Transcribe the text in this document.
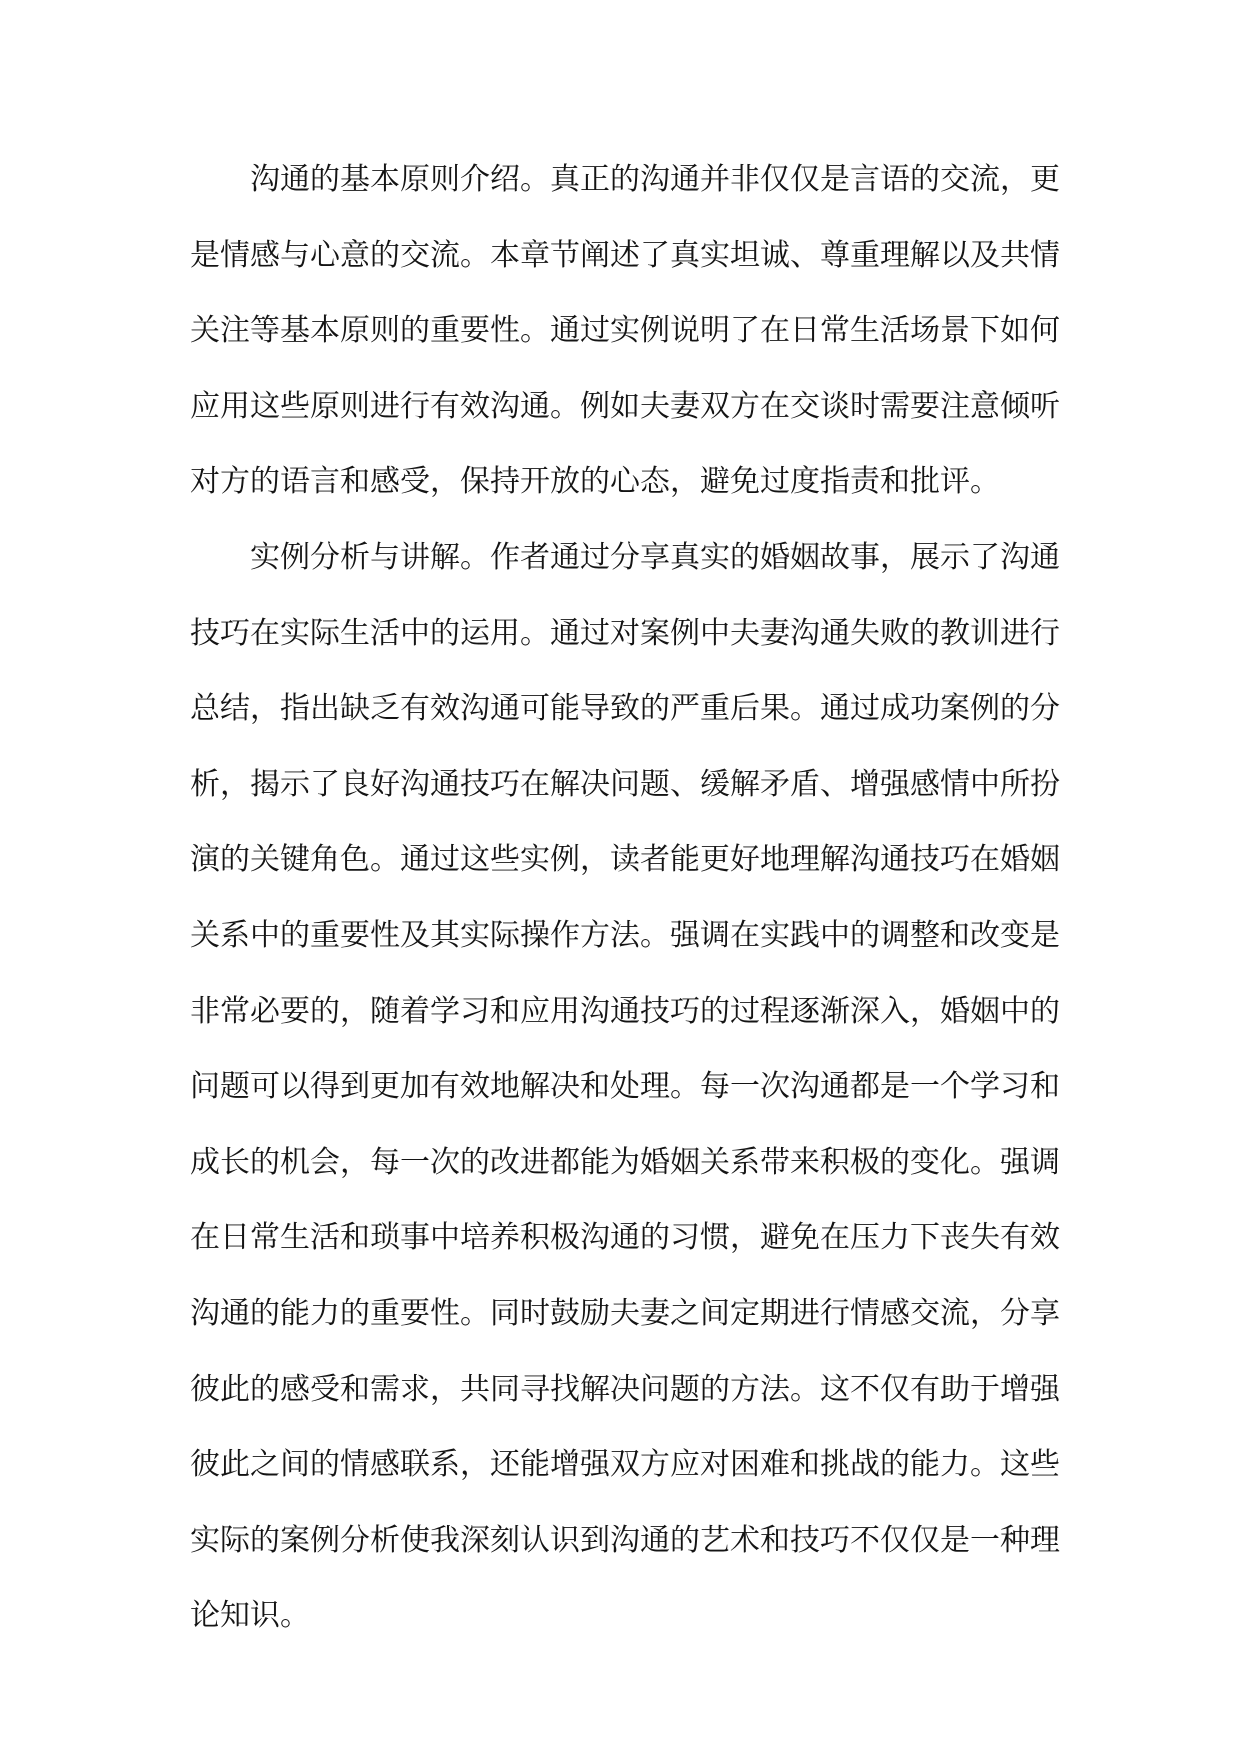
沟通的基本原则介绍。真正的沟通并非仅仅是言语的交流，更是情感与心意的交流。本章节阐述了真实坦诚、尊重理解以及共情关注等基本原则的重要性。通过实例说明了在日常生活场景下如何应用这些原则进行有效沟通。例如夫妻双方在交谈时需要注意倾听对方的语言和感受，保持开放的心态，避免过度指责和批评。

实例分析与讲解。作者通过分享真实的婚姻故事，展示了沟通技巧在实际生活中的运用。通过对案例中夫妻沟通失败的教训进行总结，指出缺乏有效沟通可能导致的严重后果。通过成功案例的分析，揭示了良好沟通技巧在解决问题、缓解矛盾、增强感情中所扮演的关键角色。通过这些实例，读者能更好地理解沟通技巧在婚姻关系中的重要性及其实际操作方法。强调在实践中的调整和改变是非常必要的，随着学习和应用沟通技巧的过程逐渐深入，婚姻中的问题可以得到更加有效地解决和处理。每一次沟通都是一个学习和成长的机会，每一次的改进都能为婚姻关系带来积极的变化。强调在日常生活和琐事中培养积极沟通的习惯，避免在压力下丧失有效沟通的能力的重要性。同时鼓励夫妻之间定期进行情感交流，分享彼此的感受和需求，共同寻找解决问题的方法。这不仅有助于增强彼此之间的情感联系，还能增强双方应对困难和挑战的能力。这些实际的案例分析使我深刻认识到沟通的艺术和技巧不仅仅是一种理论知识。
